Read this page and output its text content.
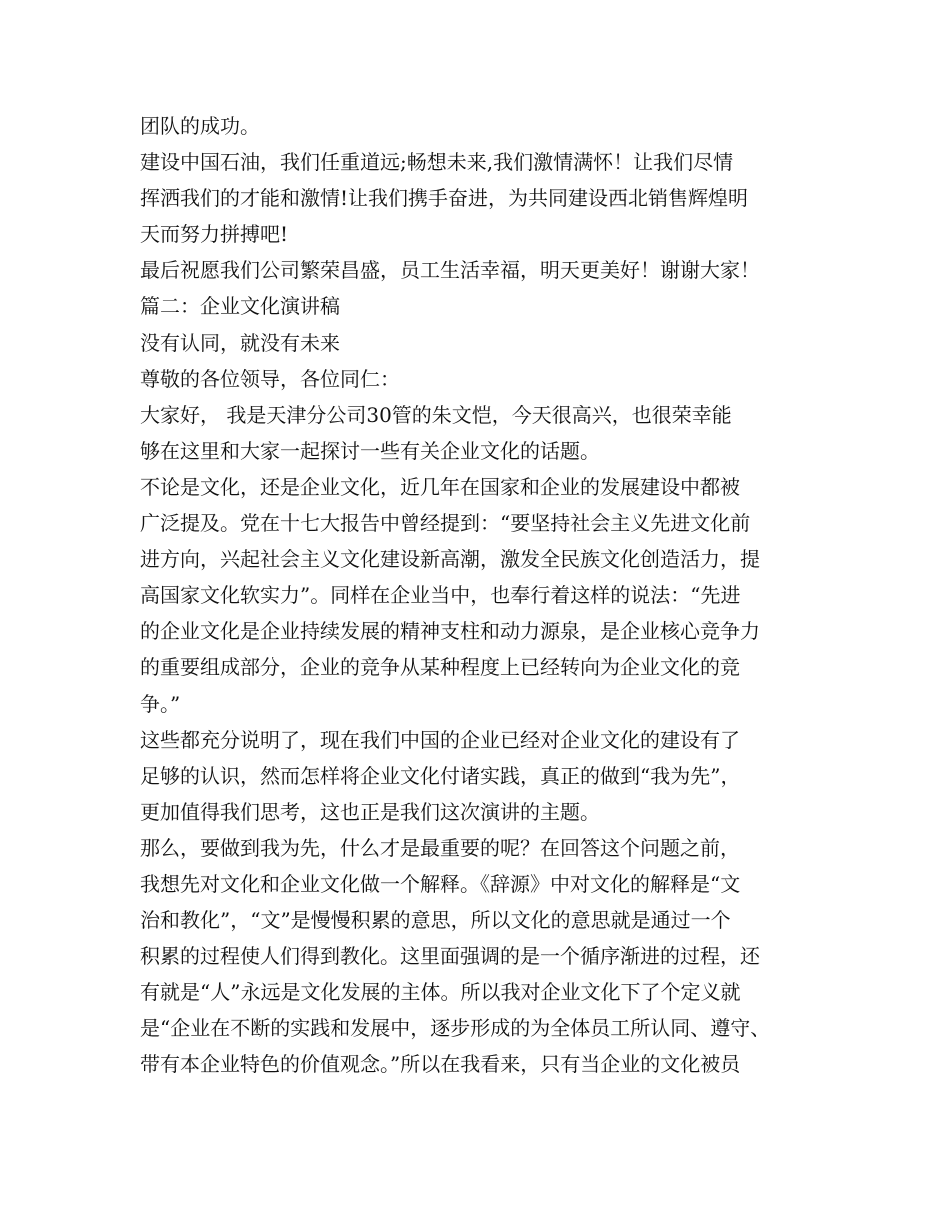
团队的成功。
建设中国石油，我们任重道远;畅想未来,我们激情满怀！让我们尽情
挥洒我们的才能和激情!让我们携手奋进，为共同建设西北销售辉煌明
天而努力拼搏吧!
最后祝愿我们公司繁荣昌盛，员工生活幸福，明天更美好！谢谢大家！
篇二：企业文化演讲稿
没有认同，就没有未来
尊敬的各位领导，各位同仁：
大家好， 我是天津分公司30管的朱文恺，今天很高兴，也很荣幸能
够在这里和大家一起探讨一些有关企业文化的话题。
不论是文化，还是企业文化，近几年在国家和企业的发展建设中都被
广泛提及。党在十七大报告中曾经提到：“要坚持社会主义先进文化前
进方向，兴起社会主义文化建设新高潮，激发全民族文化创造活力，提
高国家文化软实力”。同样在企业当中，也奉行着这样的说法：“先进
的企业文化是企业持续发展的精神支柱和动力源泉，是企业核心竞争力
的重要组成部分，企业的竞争从某种程度上已经转向为企业文化的竞
争。”
这些都充分说明了，现在我们中国的企业已经对企业文化的建设有了
足够的认识，然而怎样将企业文化付诸实践，真正的做到“我为先”，
更加值得我们思考，这也正是我们这次演讲的主题。
那么，要做到我为先，什么才是最重要的呢？在回答这个问题之前，
我想先对文化和企业文化做一个解释。《辞源》中对文化的解释是“文
治和教化”，“文”是慢慢积累的意思，所以文化的意思就是通过一个
积累的过程使人们得到教化。这里面强调的是一个循序渐进的过程，还
有就是“人”永远是文化发展的主体。所以我对企业文化下了个定义就
是“企业在不断的实践和发展中，逐步形成的为全体员工所认同、遵守、
带有本企业特色的价值观念。”所以在我看来，只有当企业的文化被员
